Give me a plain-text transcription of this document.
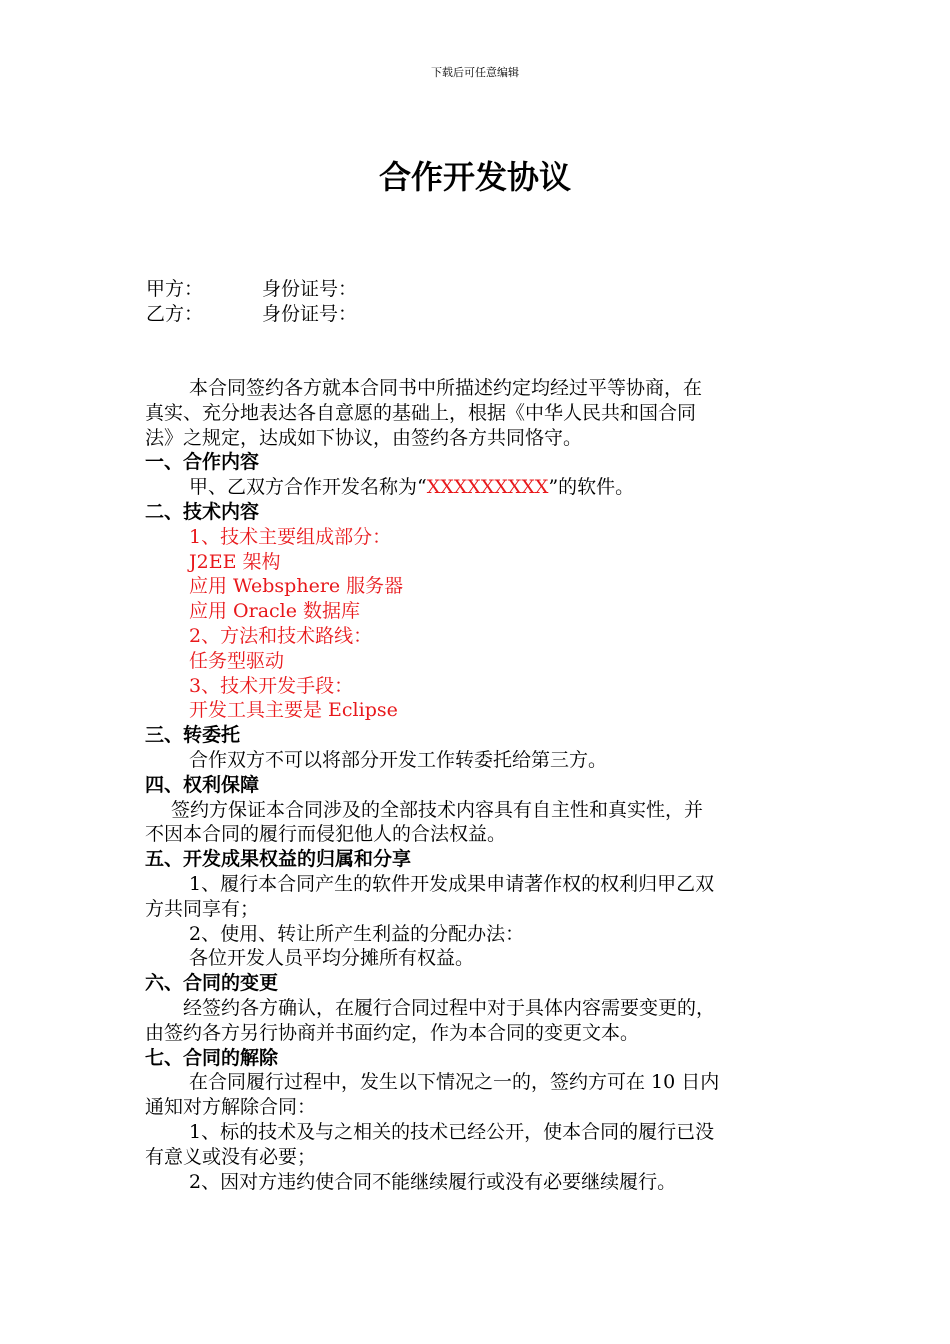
下载后可任意编辑
合作开发协议
甲方：	身份证号：
乙方：	身份证号：

本合同签约各方就本合同书中所描述约定均经过平等协商，在

真实、充分地表达各自意愿的基础上，根据《中华人民共和国合同

法》之规定，达成如下协议，由签约各方共同恪守。

一、合作内容

甲、乙双方合作开发名称为“XXXXXXXXX”的软件。

二、技术内容

1、技术主要组成部分：

J2EE 架构

应用 Websphere 服务器

应用 Oracle 数据库

2、方法和技术路线：

任务型驱动

3、技术开发手段：

开发工具主要是 Eclipse

三、转委托

合作双方不可以将部分开发工作转委托给第三方。

四、权利保障

签约方保证本合同涉及的全部技术内容具有自主性和真实性，并

不因本合同的履行而侵犯他人的合法权益。

五、开发成果权益的归属和分享

1、履行本合同产生的软件开发成果申请著作权的权利归甲乙双

方共同享有；

2、使用、转让所产生利益的分配办法：

各位开发人员平均分摊所有权益。

六、合同的变更

经签约各方确认，在履行合同过程中对于具体内容需要变更的，

由签约各方另行协商并书面约定，作为本合同的变更文本。

七、合同的解除

在合同履行过程中，发生以下情况之一的，签约方可在 10 日内

通知对方解除合同：

1、标的技术及与之相关的技术已经公开，使本合同的履行已没

有意义或没有必要；

2、因对方违约使合同不能继续履行或没有必要继续履行。
